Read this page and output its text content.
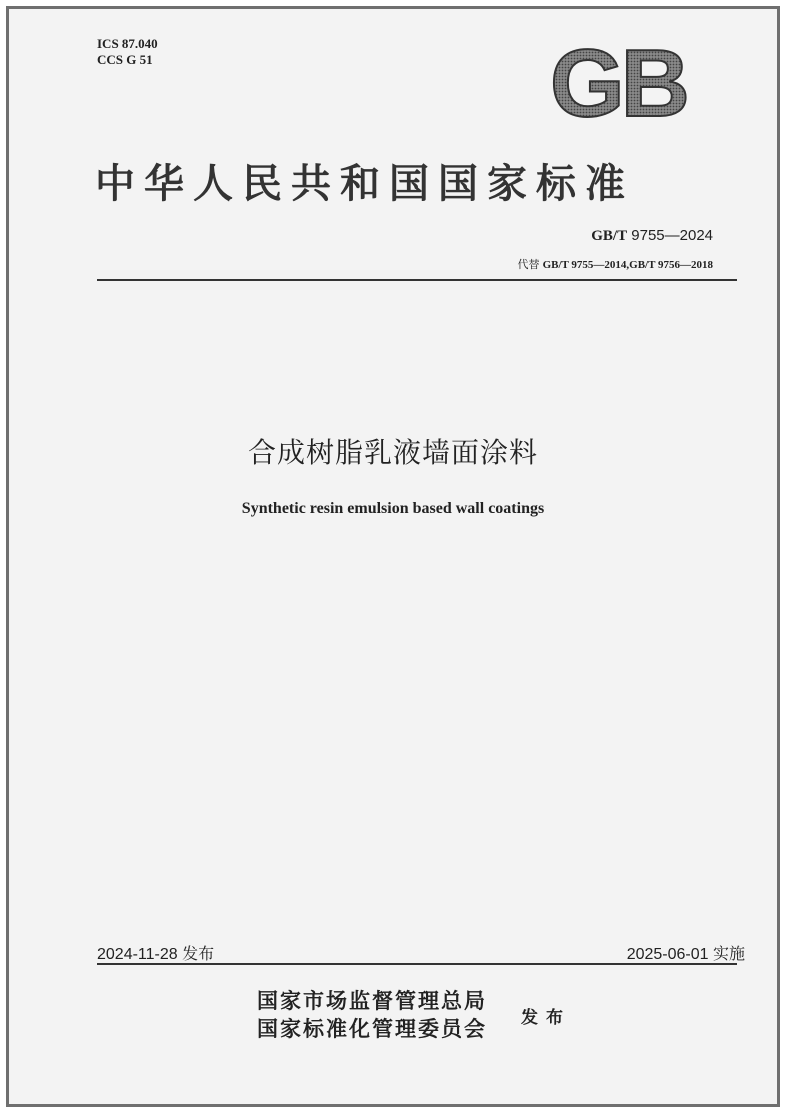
ICS 87.040
CCS G 51	GB
中华人民共和国国家标准
GB/T 9755—2024
代替 GB/T 9755—2014,GB/T 9756—2018
合成树脂乳液墙面涂料
Synthetic resin emulsion based wall coatings
2024-11-28 发布	2025-06-01 实施
国家市场监督管理总局
国家标准化管理委员会 发布
